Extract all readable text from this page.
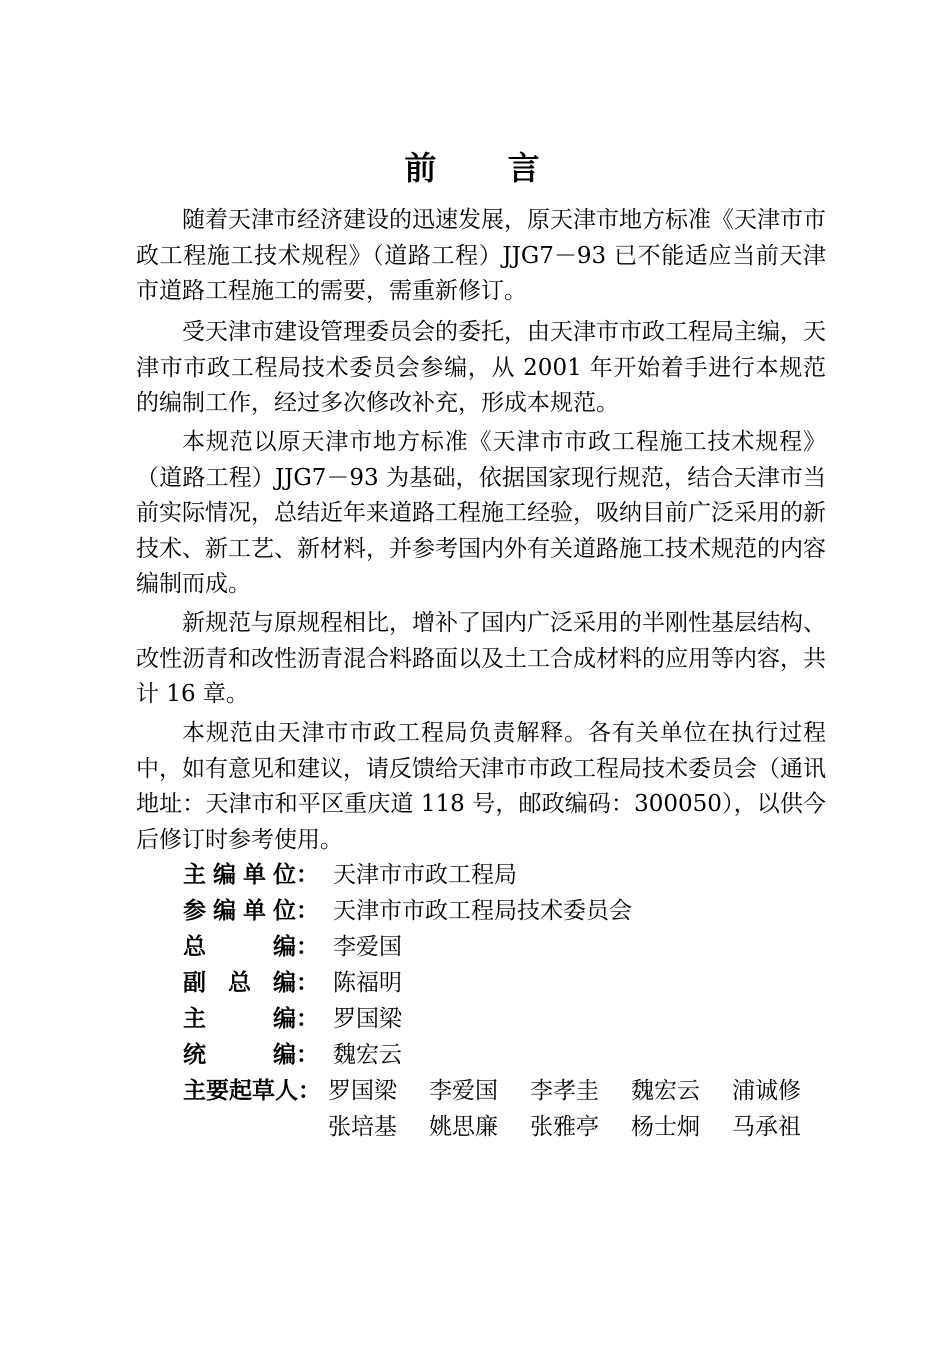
前 言

随着天津市经济建设的迅速发展，原天津市地方标准《天津市市政工程施工技术规程》（道路工程）JJG7－93 已不能适应当前天津市道路工程施工的需要，需重新修订。

受天津市建设管理委员会的委托，由天津市市政工程局主编，天津市市政工程局技术委员会参编，从 2001 年开始着手进行本规范的编制工作，经过多次修改补充，形成本规范。

本规范以原天津市地方标准《天津市市政工程施工技术规程》（道路工程）JJG7－93 为基础，依据国家现行规范，结合天津市当前实际情况，总结近年来道路工程施工经验，吸纳目前广泛采用的新技术、新工艺、新材料，并参考国内外有关道路施工技术规范的内容编制而成。

新规范与原规程相比，增补了国内广泛采用的半刚性基层结构、改性沥青和改性沥青混合料路面以及土工合成材料的应用等内容，共计 16 章。

本规范由天津市市政工程局负责解释。各有关单位在执行过程中，如有意见和建议，请反馈给天津市市政工程局技术委员会（通讯地址：天津市和平区重庆道 118 号，邮政编码：300050），以供今后修订时参考使用。

主 编 单 位： 天津市市政工程局
参 编 单 位： 天津市市政工程局技术委员会
总	编： 李爱国
副 总 编： 陈福明
主	编： 罗国梁
统	编： 魏宏云
主要起草人： 罗国梁	李爱国	李孝圭	魏宏云	浦诚修
张培基	姚思廉	张雅亭	杨士炯	马承祖
